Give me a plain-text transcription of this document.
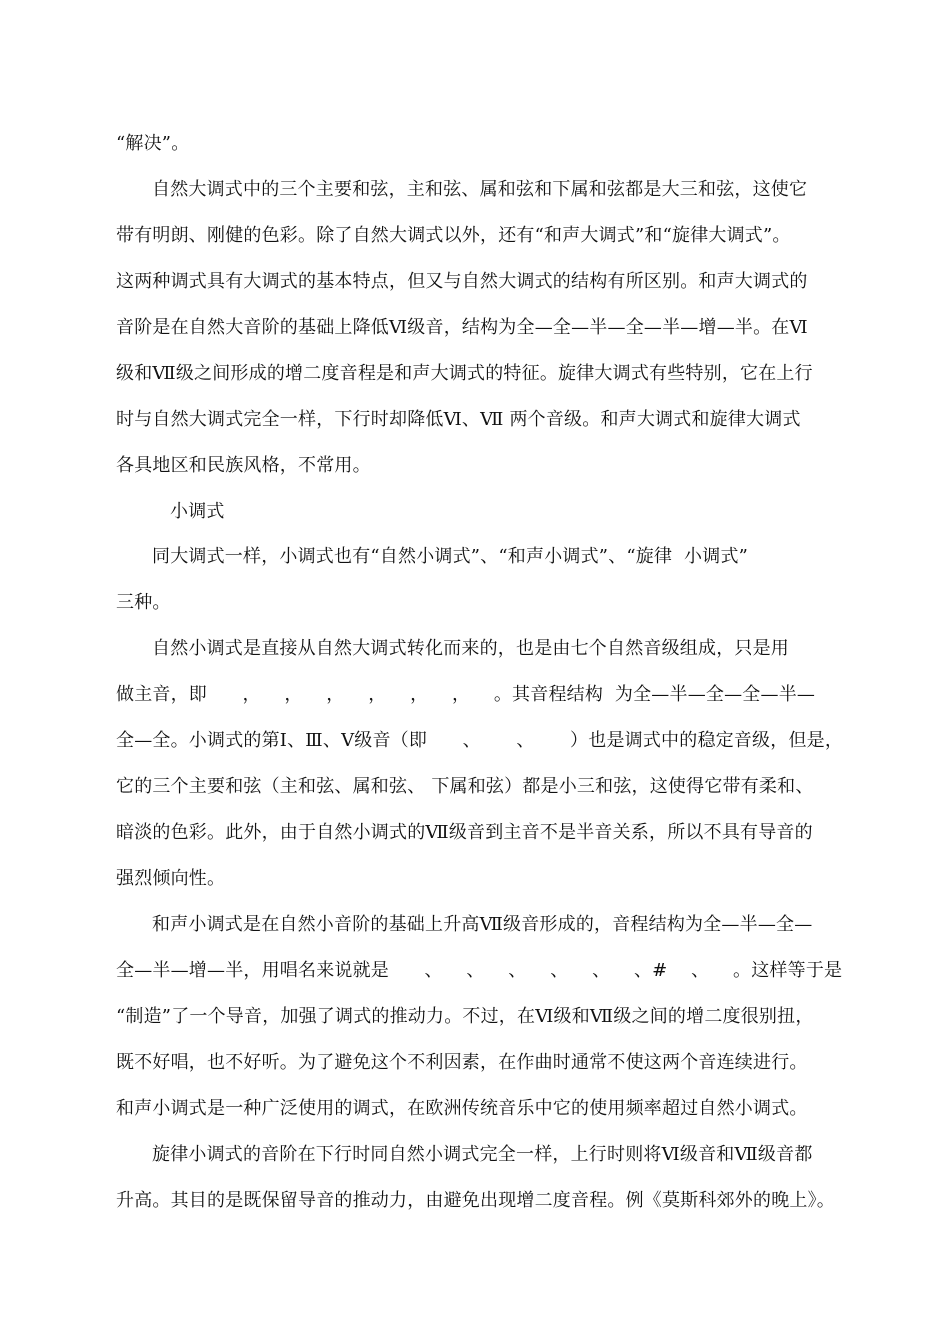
“解决”。
自然大调式中的三个主要和弦，主和弦、属和弦和下属和弦都是大三和弦，这使它
带有明朗、刚健的色彩。除了自然大调式以外，还有“和声大调式”和“旋律大调式”。
这两种调式具有大调式的基本特点，但又与自然大调式的结构有所区别。和声大调式的
音阶是在自然大音阶的基础上降低Ⅵ级音，结构为全—全—半—全—半—增—半。在Ⅵ
级和Ⅶ级之间形成的增二度音程是和声大调式的特征。旋律大调式有些特别，它在上行
时与自然大调式完全一样，下行时却降低Ⅵ、Ⅶ 两个音级。和声大调式和旋律大调式
各具地区和民族风格，不常用。
小调式
同大调式一样，小调式也有“自然小调式”、“和声小调式”、“旋律  小调式”
三种。
自然小调式是直接从自然大调式转化而来的，也是由七个自然音级组成，只是用
做主音，即      ，    ，    ，    ，    ，    ，    。其音程结构  为全—半—全—全—半—
全—全。小调式的第Ⅰ、Ⅲ、Ⅴ级音（即      、      、      ）也是调式中的稳定音级，但是，
它的三个主要和弦（主和弦、属和弦、 下属和弦）都是小三和弦，这使得它带有柔和、
暗淡的色彩。此外，由于自然小调式的Ⅶ级音到主音不是半音关系，所以不具有导音的
强烈倾向性。
和声小调式是在自然小音阶的基础上升高Ⅶ级音形成的，音程结构为全—半—全—
全—半—增—半，用唱名来说就是      、    、    、    、    、    、#    、    。这样等于是
“制造”了一个导音，加强了调式的推动力。不过，在Ⅵ级和Ⅶ级之间的增二度很别扭，
既不好唱，也不好听。为了避免这个不利因素，在作曲时通常不使这两个音连续进行。
和声小调式是一种广泛使用的调式，在欧洲传统音乐中它的使用频率超过自然小调式。
旋律小调式的音阶在下行时同自然小调式完全一样，上行时则将Ⅵ级音和Ⅶ级音都
升高。其目的是既保留导音的推动力，由避免出现增二度音程。例《莫斯科郊外的晚上》。
